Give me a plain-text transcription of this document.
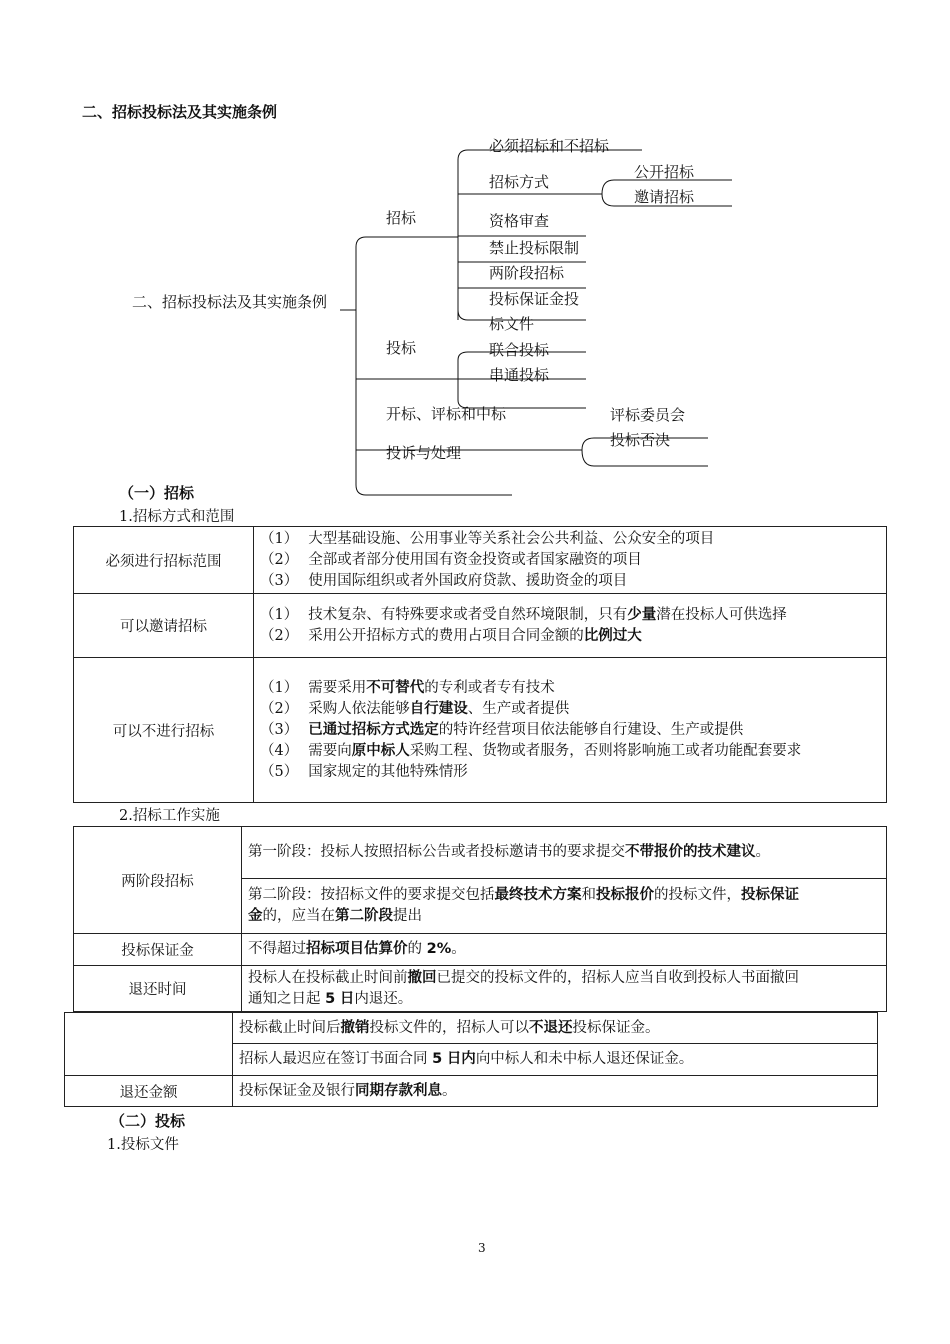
二、招标投标法及其实施条例
二、招标投标法及其实施条例
招标
投标
开标、评标和中标
投诉与处理
必须招标和不招标
招标方式
资格审查
禁止投标限制
两阶段招标
投标保证金投
标文件
公开招标
邀请招标
联合投标
串通投标
评标委员会
投标否决
（一）招标
1.招标方式和范围
必须进行招标范围	（1） 大型基础设施、公用事业等关系社会公共利益、公众安全的项目
（2） 全部或者部分使用国有资金投资或者国家融资的项目
（3） 使用国际组织或者外国政府贷款、援助资金的项目

可以邀请招标	（1） 技术复杂、有特殊要求或者受自然环境限制，只有少量潜在投标人可供选择
（2） 采用公开招标方式的费用占项目合同金额的比例过大

可以不进行招标	（1） 需要采用不可替代的专利或者专有技术
（2） 采购人依法能够自行建设、生产或者提供
（3） 已通过招标方式选定的特许经营项目依法能够自行建设、生产或提供
（4） 需要向原中标人采购工程、货物或者服务，否则将影响施工或者功能配套要求
（5） 国家规定的其他特殊情形
2.招标工作实施
两阶段招标	第一阶段：投标人按照招标公告或者投标邀请书的要求提交不带报价的技术建议。

	第二阶段：按招标文件的要求提交包括最终技术方案和投标报价的投标文件，投标保证
金的，应当在第二阶段提出

投标保证金	不得超过招标项目估算价的 2%。

退还时间	投标人在投标截止时间前撤回已提交的投标文件的，招标人应当自收到投标人书面撤回
通知之日起 5 日内退还。

	投标截止时间后撤销投标文件的，招标人可以不退还投标保证金。

	招标人最迟应在签订书面合同 5 日内向中标人和未中标人退还保证金。

退还金额	投标保证金及银行同期存款利息。
（二）投标
1.投标文件
3
